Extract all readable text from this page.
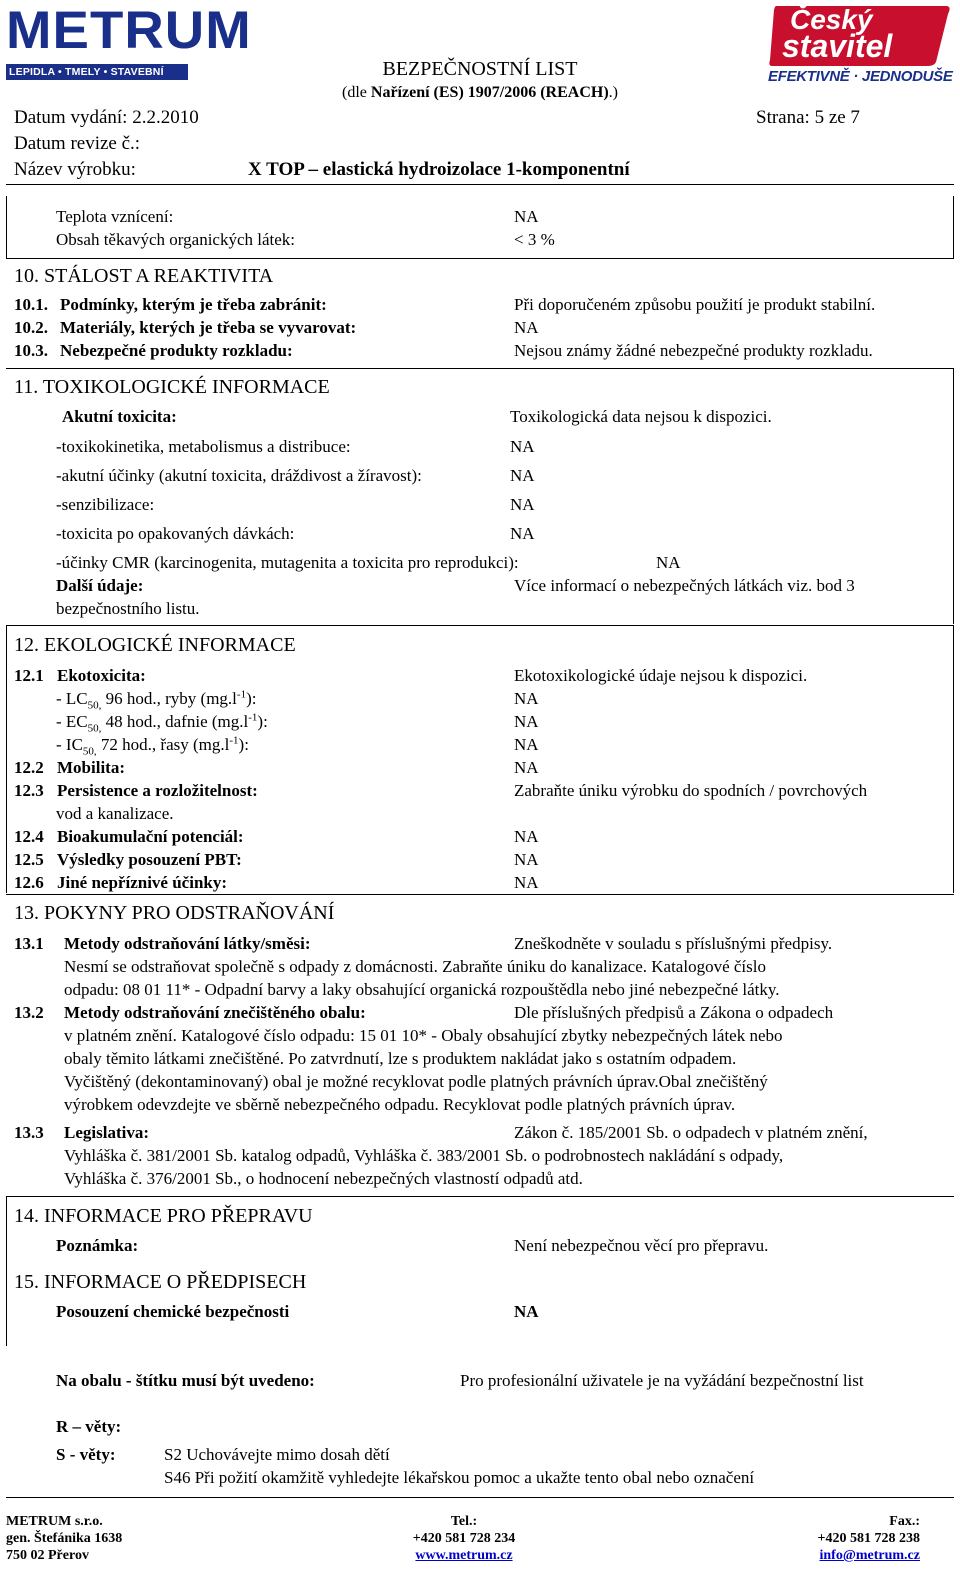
METRUM
LEPIDLA • TMELY • STAVEBNÍ CHEMIE
Český
stavitel
EFEKTIVNĚ · JEDNODUŠE
BEZPEČNOSTNÍ LIST
(dle Nařízení (ES) 1907/2006 (REACH).)
Datum vydání: 2.2.2010	Strana: 5 ze 7
Datum revize č.:
Název výrobku:	X TOP – elastická hydroizolace 1-komponentní
Teplota vznícení:	NA
Obsah těkavých organických látek:	< 3 %
10. STÁLOST A REAKTIVITA
10.1. Podmínky, kterým je třeba zabránit:	Při doporučeném způsobu použití je produkt stabilní.
10.2. Materiály, kterých je třeba se vyvarovat:	NA
10.3. Nebezpečné produkty rozkladu:	Nejsou známy žádné nebezpečné produkty rozkladu.
11. TOXIKOLOGICKÉ INFORMACE
Akutní toxicita:	Toxikologická data nejsou k dispozici.
-toxikokinetika, metabolismus a distribuce:	NA
-akutní účinky (akutní toxicita, dráždivost a žíravost):	NA
-senzibilizace:	NA
-toxicita po opakovaných dávkách:	NA
-účinky CMR (karcinogenita, mutagenita a toxicita pro reprodukci):	NA
Další údaje:	Více informací o nebezpečných látkách viz. bod 3
bezpečnostního listu.
12. EKOLOGICKÉ INFORMACE
12.1 Ekotoxicita:	Ekotoxikologické údaje nejsou k dispozici.
- $LC_{50,}$ 96 hod., ryby $(mg.l^{-1})$:	NA
- $EC_{50,}$ 48 hod., dafnie $(mg.l^{-1})$:	NA
- $IC_{50,}$ 72 hod., řasy $(mg.l^{-1})$:	NA
12.2 Mobilita:	NA
12.3 Persistence a rozložitelnost:	Zabraňte úniku výrobku do spodních / povrchových
vod a kanalizace.
12.4 Bioakumulační potenciál:	NA
12.5 Výsledky posouzení PBT:	NA
12.6 Jiné nepříznivé účinky:	NA
13. POKYNY PRO ODSTRAŇOVÁNÍ
13.1 Metody odstraňování látky/směsi:	Zneškodněte v souladu s příslušnými předpisy.
Nesmí se odstraňovat společně s odpady z domácnosti. Zabraňte úniku do kanalizace. Katalogové číslo
odpadu: 08 01 11* - Odpadní barvy a laky obsahující organická rozpouštědla nebo jiné nebezpečné látky.
13.2 Metody odstraňování znečištěného obalu:	Dle příslušných předpisů a Zákona o odpadech
v platném znění. Katalogové číslo odpadu: 15 01 10* - Obaly obsahující zbytky nebezpečných látek nebo
obaly těmito látkami znečištěné. Po zatvrdnutí, lze s produktem nakládat jako s ostatním odpadem.
Vyčištěný (dekontaminovaný) obal je možné recyklovat podle platných právních úprav.Obal znečištěný
výrobkem odevzdejte ve sběrně nebezpečného odpadu. Recyklovat podle platných právních úprav.
13.3 Legislativa:	Zákon č. 185/2001 Sb. o odpadech v platném znění,
Vyhláška č. 381/2001 Sb. katalog odpadů, Vyhláška č. 383/2001 Sb. o podrobnostech nakládání s odpady,
Vyhláška č. 376/2001 Sb., o hodnocení nebezpečných vlastností odpadů atd.
14. INFORMACE PRO PŘEPRAVU
Poznámka:	Není nebezpečnou věcí pro přepravu.
15. INFORMACE O PŘEDPISECH
Posouzení chemické bezpečnosti	NA
Na obalu - štítku musí být uvedeno:	Pro profesionální uživatele je na vyžádání bezpečnostní list
R – věty:
S - věty:	S2 Uchovávejte mimo dosah dětí
S46 Při požití okamžitě vyhledejte lékařskou pomoc a ukažte tento obal nebo označení
METRUM s.r.o.
gen. Štefánika 1638
750 02 Přerov
Tel.:
+420 581 728 234
www.metrum.cz
Fax.:
+420 581 728 238
info@metrum.cz
